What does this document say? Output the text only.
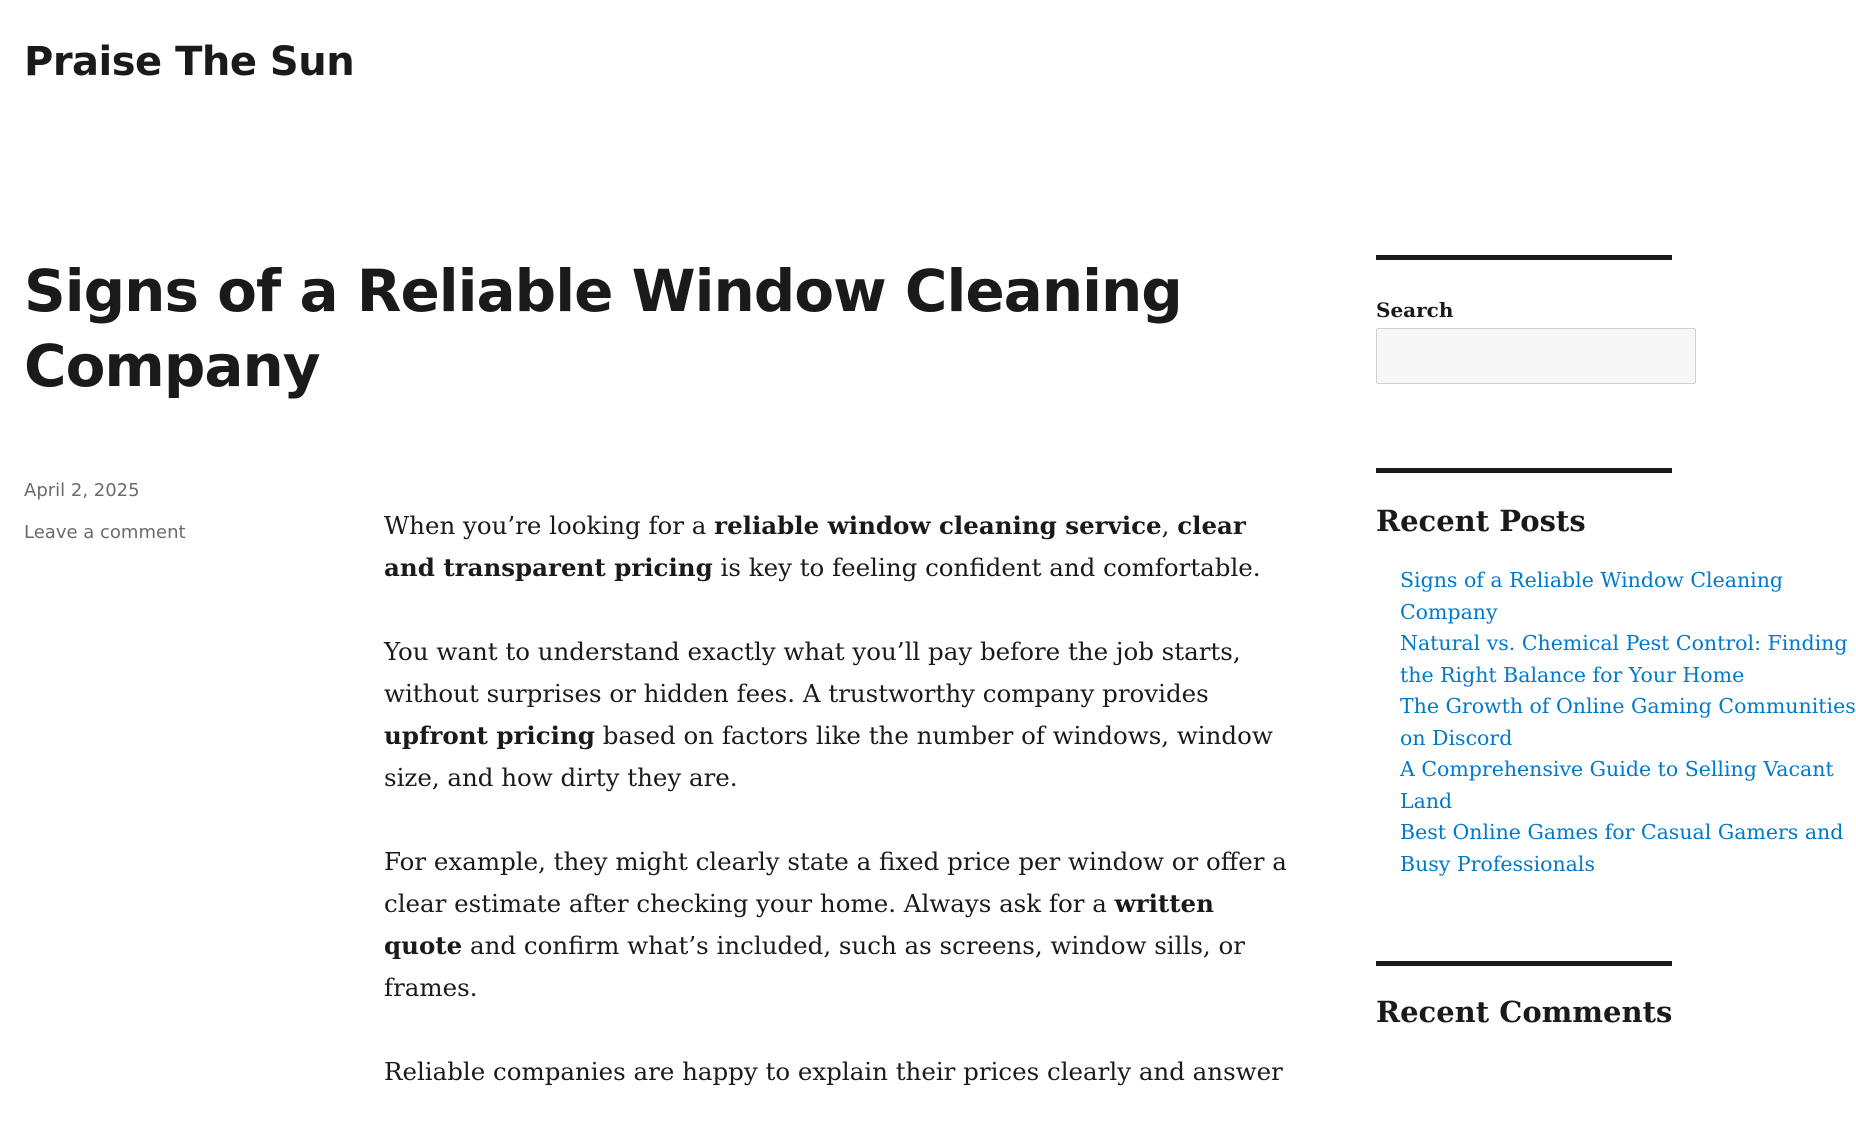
Praise The Sun
Signs of a Reliable Window Cleaning
Company
April 2, 2025
Leave a comment	When you’re looking for a reliable window cleaning service, clear and transparent pricing is key to feeling confident and comfortable.

You want to understand exactly what you’ll pay before the job starts, without surprises or hidden fees. A trustworthy company provides upfront pricing based on factors like the number of windows, window size, and how dirty they are.

For example, they might clearly state a fixed price per window or offer a clear estimate after checking your home. Always ask for a written quote and confirm what’s included, such as screens, window sills, or frames.

Reliable companies are happy to explain their prices clearly and answer

Search
Recent Posts
Signs of a Reliable Window Cleaning
Company
Natural vs. Chemical Pest Control: Finding
the Right Balance for Your Home
The Growth of Online Gaming Communities
on Discord
A Comprehensive Guide to Selling Vacant
Land
Best Online Games for Casual Gamers and
Busy Professionals
Recent Comments
